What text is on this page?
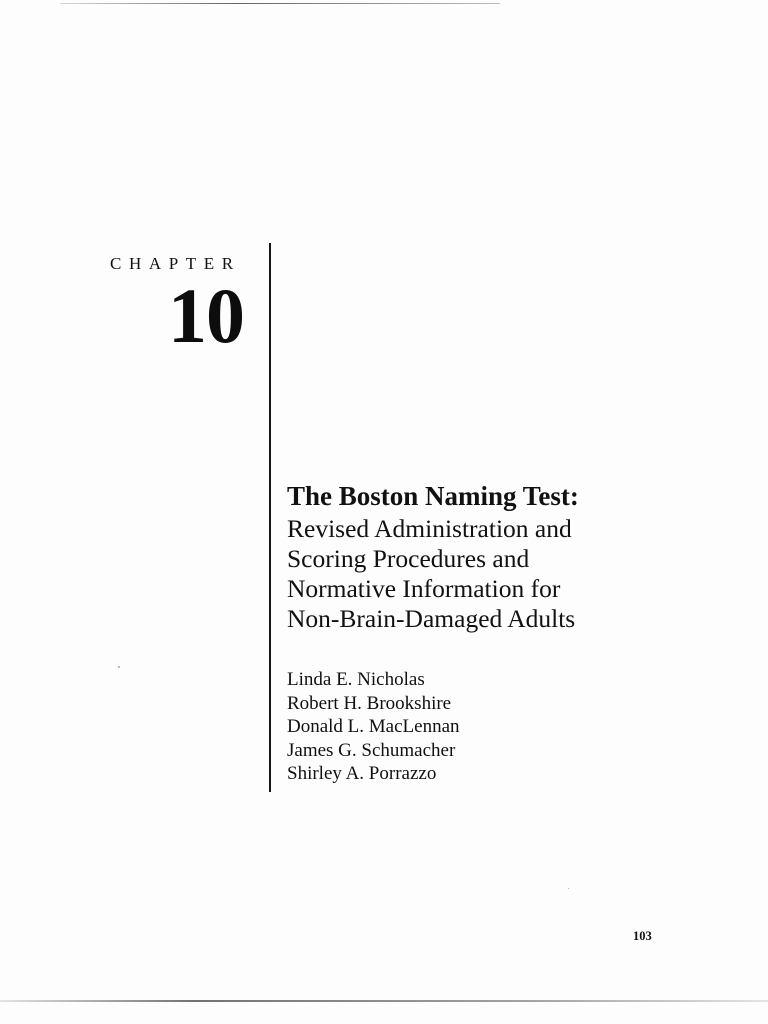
CHAPTER
10
The Boston Naming Test:
Revised Administration and
Scoring Procedures and
Normative Information for
Non-Brain-Damaged Adults
Linda E. Nicholas
Robert H. Brookshire
Donald L. MacLennan
James G. Schumacher
Shirley A. Porrazzo
103
